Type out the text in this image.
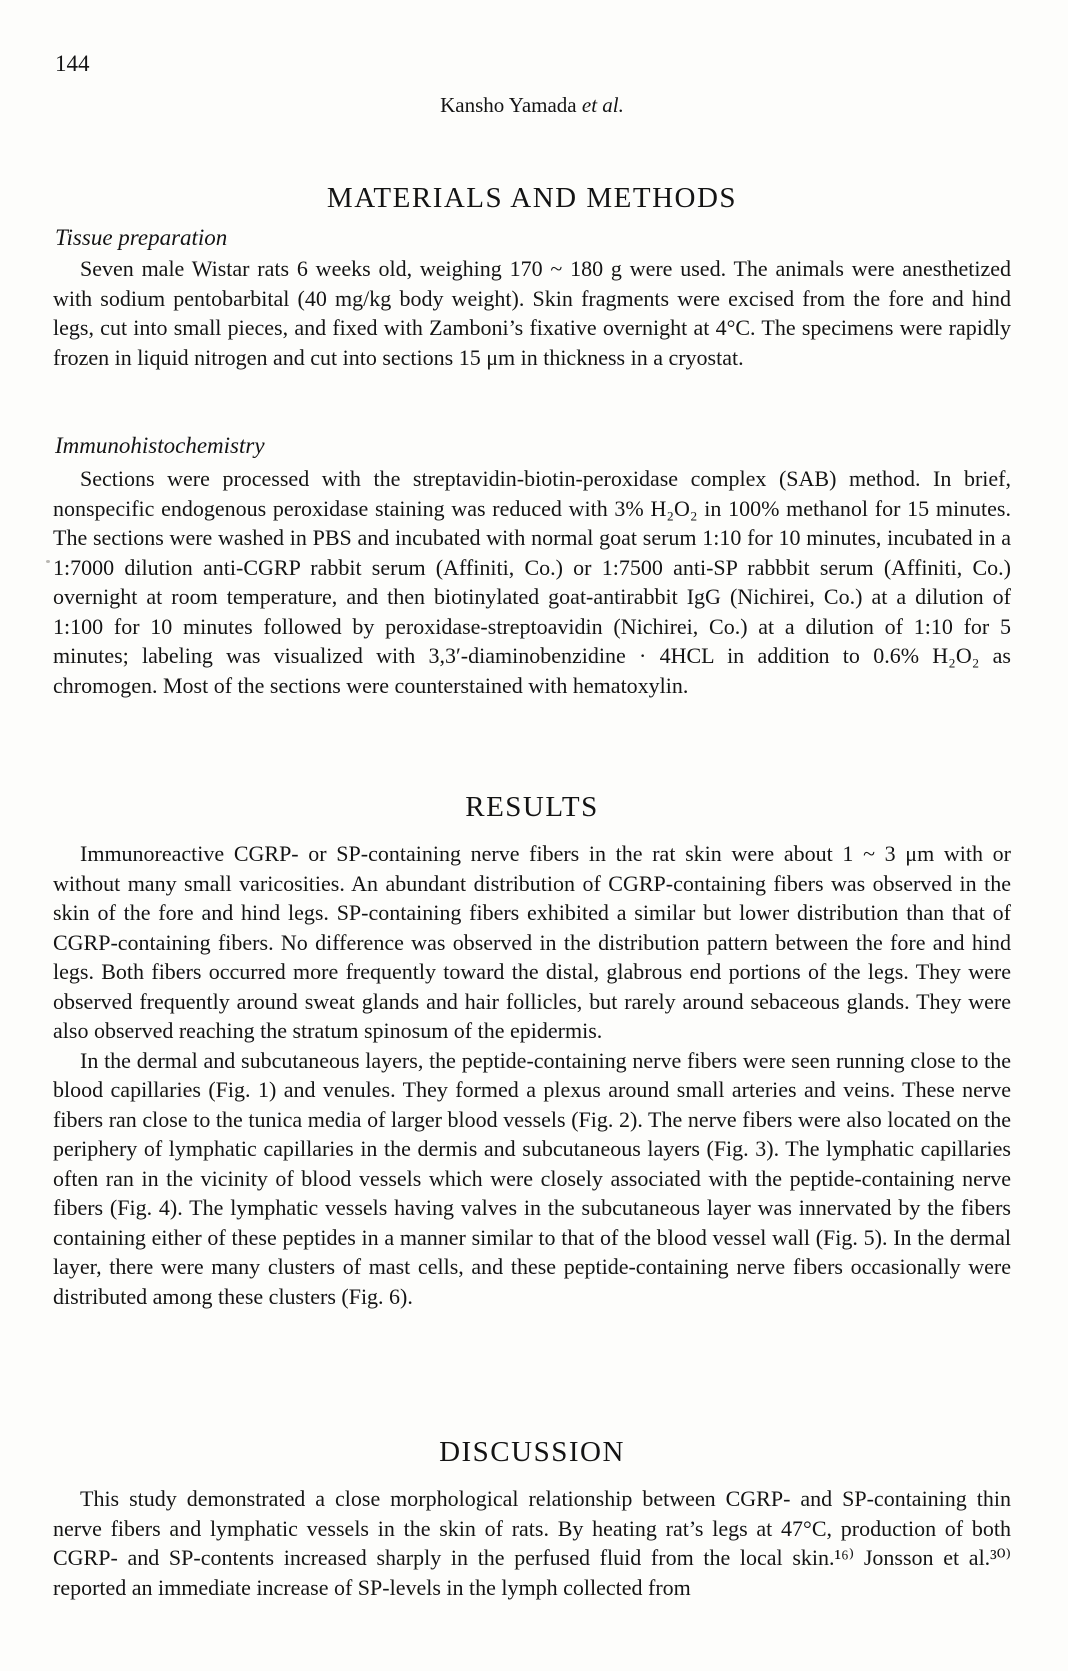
144
Kansho Yamada et al.
MATERIALS AND METHODS
Tissue preparation

Seven male Wistar rats 6 weeks old, weighing 170 ~ 180 g were used. The animals were anesthetized with sodium pentobarbital (40 mg/kg body weight). Skin fragments were excised from the fore and hind legs, cut into small pieces, and fixed with Zamboni’s fixative overnight at 4°C. The specimens were rapidly frozen in liquid nitrogen and cut into sections 15 μm in thickness in a cryostat.

Immunohistochemistry

Sections were processed with the streptavidin-biotin-peroxidase complex (SAB) method. In brief, nonspecific endogenous peroxidase staining was reduced with 3% H₂O₂ in 100% methanol for 15 minutes. The sections were washed in PBS and incubated with normal goat serum 1:10 for 10 minutes, incubated in a 1:7000 dilution anti-CGRP rabbit serum (Affiniti, Co.) or 1:7500 anti-SP rabbbit serum (Affiniti, Co.) overnight at room temperature, and then biotinylated goat-antirabbit IgG (Nichirei, Co.) at a dilution of 1:100 for 10 minutes followed by peroxidase-streptoavidin (Nichirei, Co.) at a dilution of 1:10 for 5 minutes; labeling was visualized with 3,3′-diaminobenzidine · 4HCL in addition to 0.6% H₂O₂ as chromogen. Most of the sections were counterstained with hematoxylin.

RESULTS

Immunoreactive CGRP- or SP-containing nerve fibers in the rat skin were about 1 ~ 3 μm with or without many small varicosities. An abundant distribution of CGRP-containing fibers was observed in the skin of the fore and hind legs. SP-containing fibers exhibited a similar but lower distribution than that of CGRP-containing fibers. No difference was observed in the distribution pattern between the fore and hind legs. Both fibers occurred more frequently toward the distal, glabrous end portions of the legs. They were observed frequently around sweat glands and hair follicles, but rarely around sebaceous glands. They were also observed reaching the stratum spinosum of the epidermis.

In the dermal and subcutaneous layers, the peptide-containing nerve fibers were seen running close to the blood capillaries (Fig. 1) and venules. They formed a plexus around small arteries and veins. These nerve fibers ran close to the tunica media of larger blood vessels (Fig. 2). The nerve fibers were also located on the periphery of lymphatic capillaries in the dermis and subcutaneous layers (Fig. 3). The lymphatic capillaries often ran in the vicinity of blood vessels which were closely associated with the peptide-containing nerve fibers (Fig. 4). The lymphatic vessels having valves in the subcutaneous layer was innervated by the fibers containing either of these peptides in a manner similar to that of the blood vessel wall (Fig. 5). In the dermal layer, there were many clusters of mast cells, and these peptide-containing nerve fibers occasionally were distributed among these clusters (Fig. 6).

DISCUSSION

This study demonstrated a close morphological relationship between CGRP- and SP-containing thin nerve fibers and lymphatic vessels in the skin of rats. By heating rat’s legs at 47°C, production of both CGRP- and SP-contents increased sharply in the perfused fluid from the local skin.¹⁶⁾ Jonsson et al.³⁰⁾ reported an immediate increase of SP-levels in the lymph collected from
